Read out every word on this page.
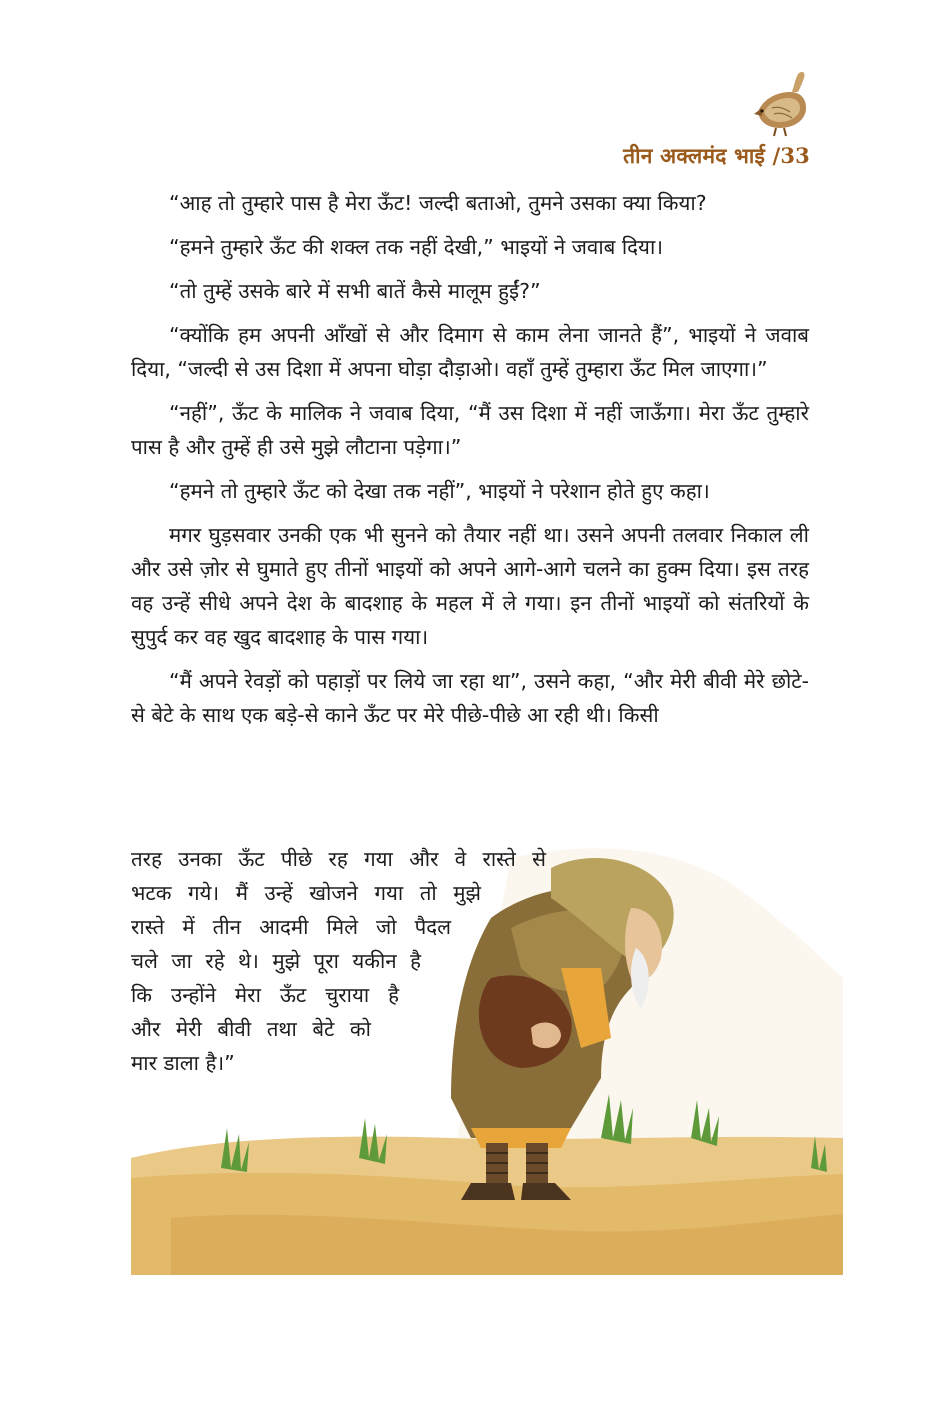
तीन अक्लमंद भाई /33

“आह तो तुम्हारे पास है मेरा ऊँट! जल्दी बताओ, तुमने उसका क्या किया?

“हमने तुम्हारे ऊँट की शक्ल तक नहीं देखी,” भाइयों ने जवाब दिया।

“तो तुम्हें उसके बारे में सभी बातें कैसे मालूम हुईं?”

“क्योंकि हम अपनी आँखों से और दिमाग से काम लेना जानते हैं”, भाइयों ने जवाब दिया, “जल्दी से उस दिशा में अपना घोड़ा दौड़ाओ। वहाँ तुम्हें तुम्हारा ऊँट मिल जाएगा।”

“नहीं”, ऊँट के मालिक ने जवाब दिया, “मैं उस दिशा में नहीं जाऊँगा। मेरा ऊँट तुम्हारे पास है और तुम्हें ही उसे मुझे लौटाना पड़ेगा।”

“हमने तो तुम्हारे ऊँट को देखा तक नहीं”, भाइयों ने परेशान होते हुए कहा।

मगर घुड़सवार उनकी एक भी सुनने को तैयार नहीं था। उसने अपनी तलवार निकाल ली और उसे ज़ोर से घुमाते हुए तीनों भाइयों को अपने आगे-आगे चलने का हुक्म दिया। इस तरह वह उन्हें सीधे अपने देश के बादशाह के महल में ले गया। इन तीनों भाइयों को संतरियों के सुपुर्द कर वह खुद बादशाह के पास गया।

“मैं अपने रेवड़ों को पहाड़ों पर लिये जा रहा था”, उसने कहा, “और मेरी बीवी मेरे छोटे-से बेटे के साथ एक बड़े-से काने ऊँट पर मेरे पीछे-पीछे आ रही थी। किसी

तरह उनका ऊँट पीछे रह गया और वे रास्ते से
भटक गये। मैं उन्हें खोजने गया तो मुझे
रास्ते में तीन आदमी मिले जो पैदल
चले जा रहे थे। मुझे पूरा यकीन है
कि उन्होंने मेरा ऊँट चुराया है
और मेरी बीवी तथा बेटे को
मार डाला है।”
